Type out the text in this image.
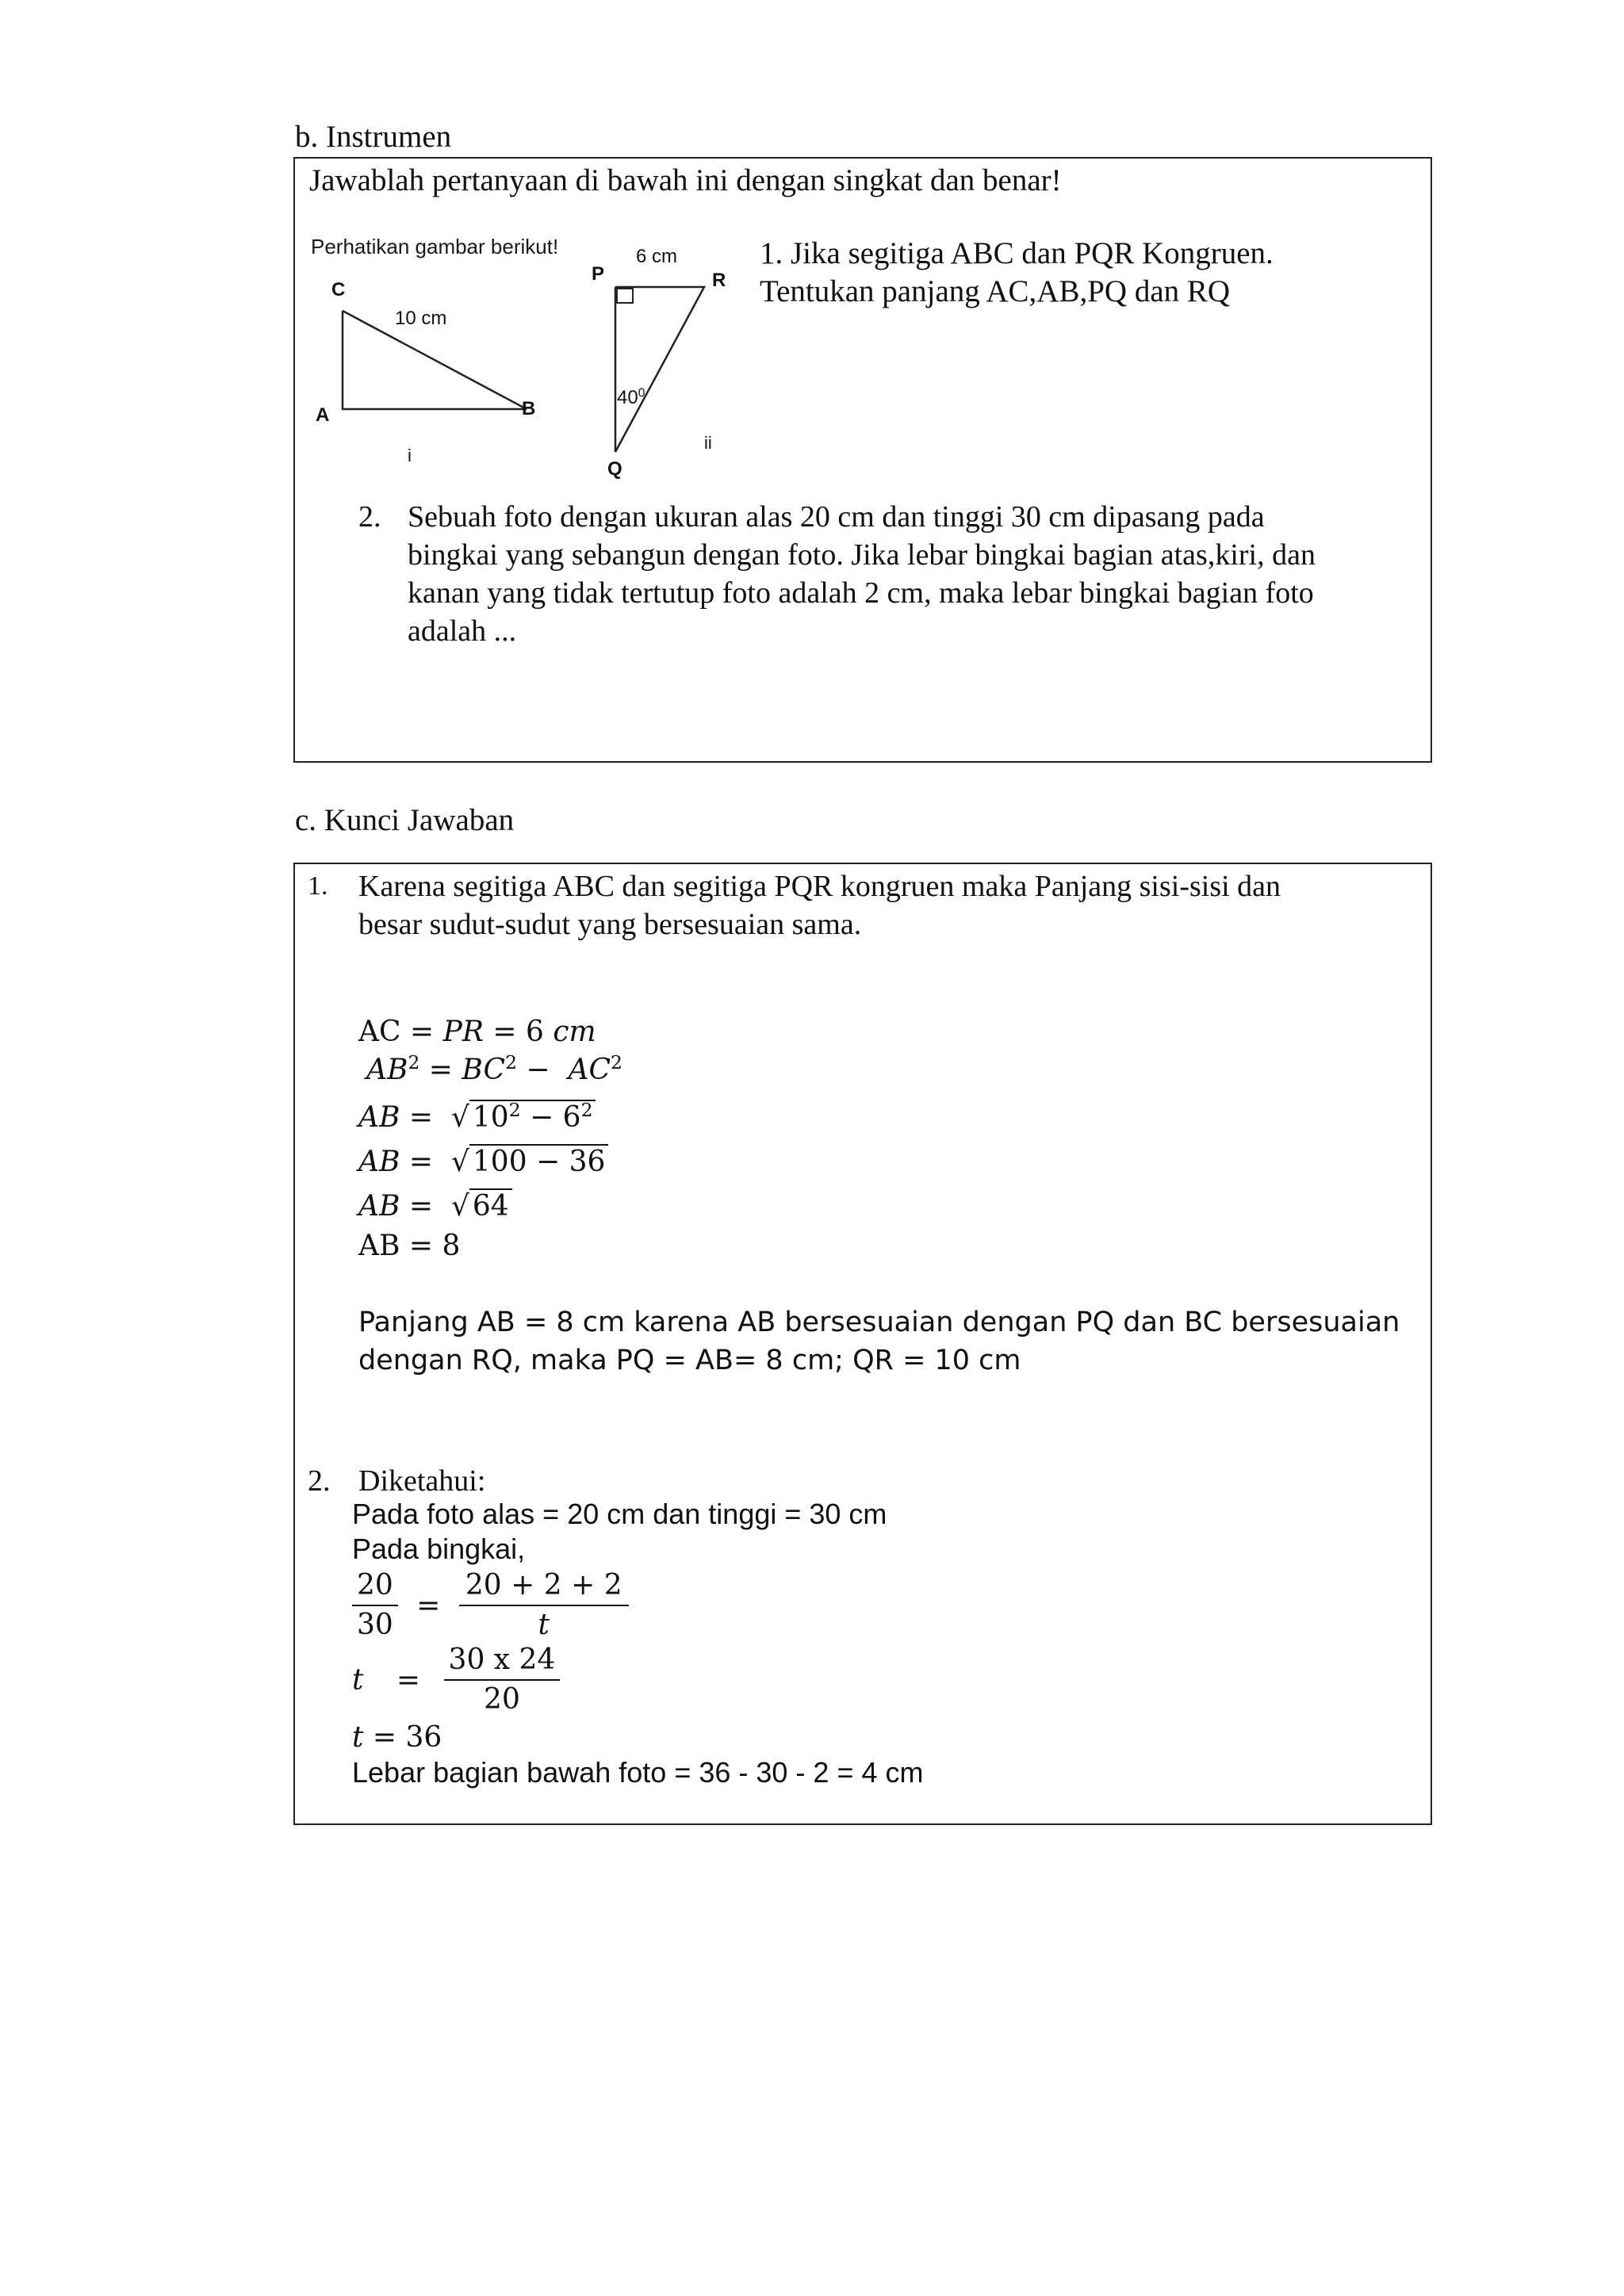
b. Instrumen
Jawablah pertanyaan di bawah ini dengan singkat dan benar!
Perhatikan gambar berikut!
C
A	B
10 cm
i
P	R
Q
6 cm
$40^0$
ii
1. Jika segitiga ABC dan PQR Kongruen.
Tentukan panjang AC,AB,PQ dan RQ
2. Sebuah foto dengan ukuran alas 20 cm dan tinggi 30 cm dipasang pada
bingkai yang sebangun dengan foto. Jika lebar bingkai bagian atas,kiri, dan
kanan yang tidak tertutup foto adalah 2 cm, maka lebar bingkai bagian foto
adalah ...
c. Kunci Jawaban
1. Karena segitiga ABC dan segitiga PQR kongruen maka Panjang sisi-sisi dan
besar sudut-sudut yang bersesuaian sama.
AC = PR = 6 cm
$AB^2 = BC^2 - AC^2$
AB =  √ $10^2 - 6^2$
AB =  √ 100 − 36
AB =  √ 64
AB = 8
Panjang AB = 8 cm karena AB bersesuaian dengan PQ dan BC bersesuaian
dengan RQ, maka PQ = AB= 8 cm; QR = 10 cm
2. Diketahui:
Pada foto alas = 20 cm dan tinggi = 30 cm
Pada bingkai,
$\frac{20}{30} = \frac{20 + 2 + 2}{t}$
$t = \frac{30 x 24}{20}$
t = 36
Lebar bagian bawah foto = 36 - 30 - 2 = 4 cm
